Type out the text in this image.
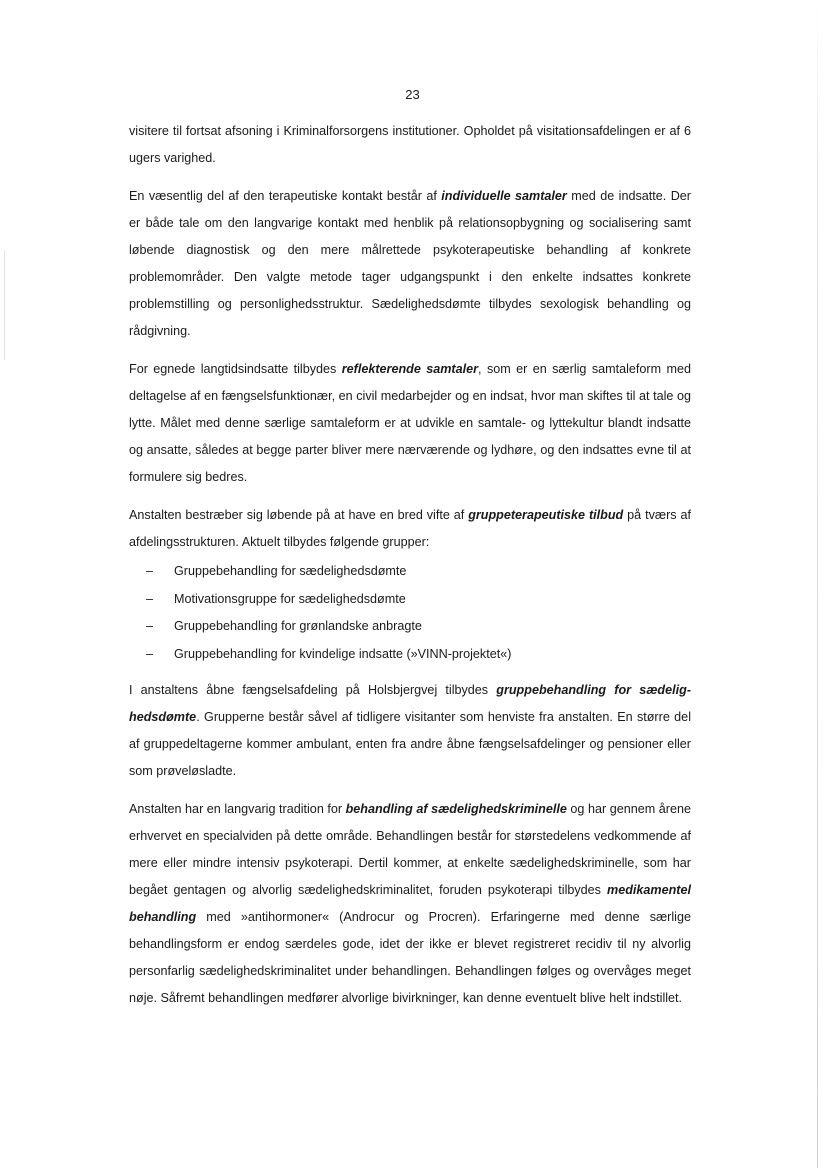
23

visitere til fortsat afsoning i Kriminalforsorgens institutioner. Opholdet på visitationsafdelingen er af 6 ugers varighed.

En væsentlig del af den terapeutiske kontakt består af individuelle samtaler med de indsatte. Der er både tale om den langvarige kontakt med henblik på relationsopbygning og socialisering samt løbende diagnostisk og den mere målrettede psykoterapeutiske behandling af konkrete problemområder. Den valgte metode tager udgangspunkt i den enkelte indsattes konkrete problemstilling og personlighedsstruktur. Sædelighedsdømte tilbydes sexologisk behandling og rådgivning.

For egnede langtidsindsatte tilbydes reflekterende samtaler, som er en særlig samtaleform med deltagelse af en fængselsfunktionær, en civil medarbejder og en indsat, hvor man skiftes til at tale og lytte. Målet med denne særlige samtaleform er at udvikle en samtale- og lyttekultur blandt indsatte og ansatte, således at begge parter bliver mere nærværende og lydhøre, og den indsattes evne til at formulere sig bedres.

Anstalten bestræber sig løbende på at have en bred vifte af gruppeterapeutiske tilbud på tværs af afdelingsstrukturen. Aktuelt tilbydes følgende grupper:

– Gruppebehandling for sædelighedsdømte
– Motivationsgruppe for sædelighedsdømte
– Gruppebehandling for grønlandske anbragte
– Gruppebehandling for kvindelige indsatte (»VINN-projektet«)

I anstaltens åbne fængselsafdeling på Holsbjergvej tilbydes gruppebehandling for sædelighedsdømte. Grupperne består såvel af tidligere visitanter som henviste fra anstalten. En større del af gruppedeltagerne kommer ambulant, enten fra andre åbne fængselsafdelinger og pensioner eller som prøveløsladte.

Anstalten har en langvarig tradition for behandling af sædelighedskriminelle og har gennem årene erhvervet en specialviden på dette område. Behandlingen består for størstedelens vedkommende af mere eller mindre intensiv psykoterapi. Dertil kommer, at enkelte sædelighedskriminelle, som har begået gentagen og alvorlig sædelighedskriminalitet, foruden psykoterapi tilbydes medikamentel behandling med »antihormoner« (Androcur og Procren). Erfaringerne med denne særlige behandlingsform er endog særdeles gode, idet der ikke er blevet registreret recidiv til ny alvorlig personfarlig sædelighedskriminalitet under behandlingen. Behandlingen følges og overvåges meget nøje. Såfremt behandlingen medfører alvorlige bivirkninger, kan denne eventuelt blive helt indstillet.
